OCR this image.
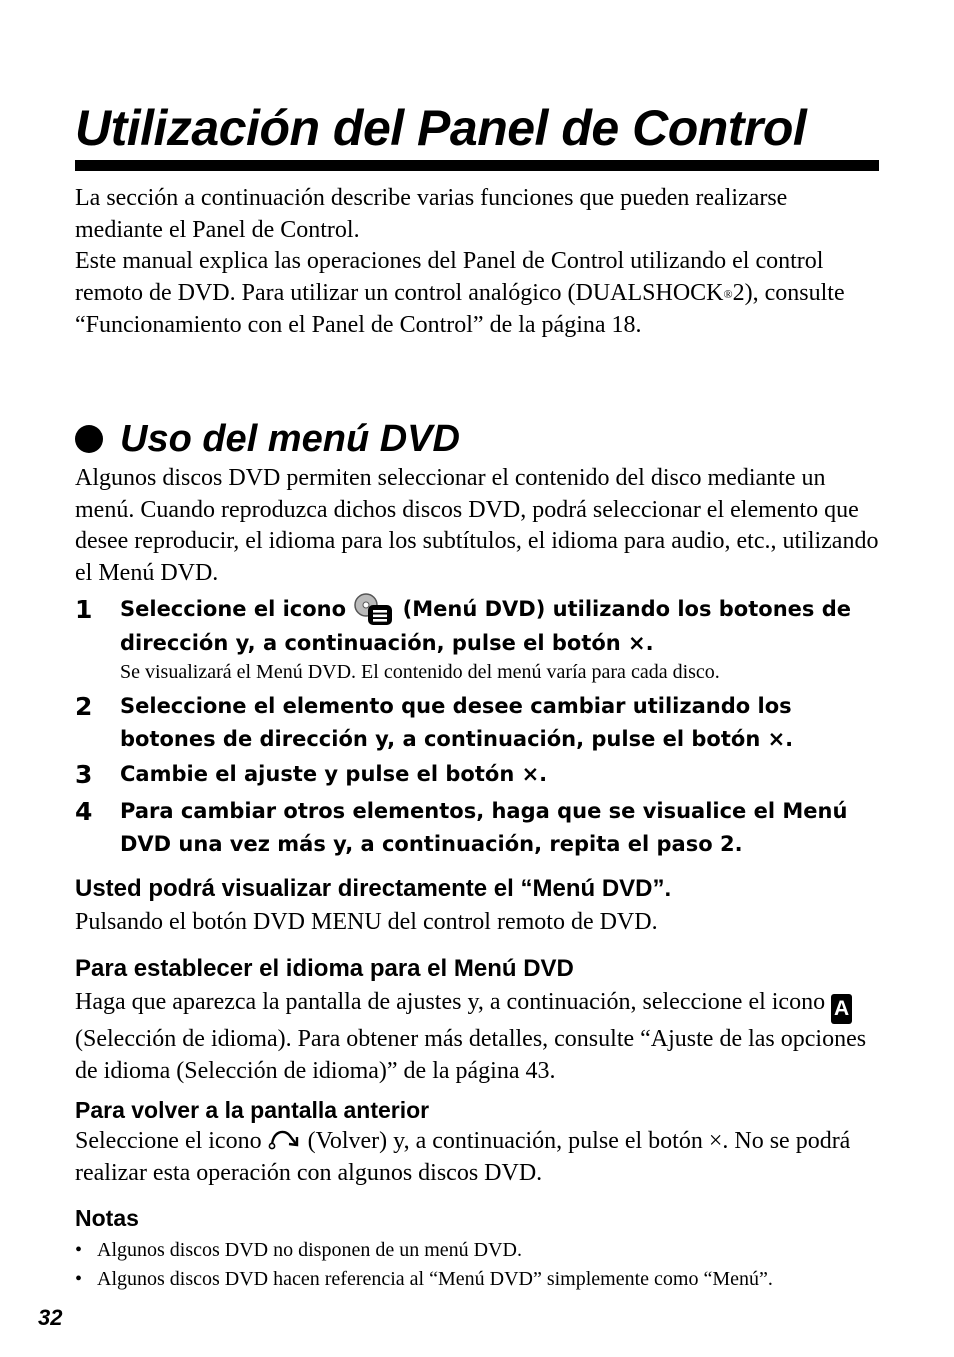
Utilización del Panel de Control

La sección a continuación describe varias funciones que pueden realizarse mediante el Panel de Control.

Este manual explica las operaciones del Panel de Control utilizando el control remoto de DVD. Para utilizar un control analógico (DUALSHOCK®2), consulte “Funcionamiento con el Panel de Control” de la página 18.

Uso del menú DVD
Algunos discos DVD permiten seleccionar el contenido del disco mediante un menú. Cuando reproduzca dichos discos DVD, podrá seleccionar el elemento que desee reproducir, el idioma para los subtítulos, el idioma para audio, etc., utilizando el Menú DVD.
1	Seleccione el icono  (Menú DVD) utilizando los botones de dirección y, a continuación, pulse el botón ×.
Se visualizará el Menú DVD. El contenido del menú varía para cada disco.
2	Seleccione el elemento que desee cambiar utilizando los botones de dirección y, a continuación, pulse el botón ×.
3	Cambie el ajuste y pulse el botón ×.
4	Para cambiar otros elementos, haga que se visualice el Menú DVD una vez más y, a continuación, repita el paso 2.
Usted podrá visualizar directamente el “Menú DVD”.
Pulsando el botón DVD MENU del control remoto de DVD.
Para establecer el idioma para el Menú DVD
Haga que aparezca la pantalla de ajustes y, a continuación, seleccione el icono A (Selección de idioma). Para obtener más detalles, consulte “Ajuste de las opciones de idioma (Selección de idioma)” de la página 43.
Para volver a la pantalla anterior
Seleccione el icono  (Volver) y, a continuación, pulse el botón ×. No se podrá realizar esta operación con algunos discos DVD.
Notas
• Algunos discos DVD no disponen de un menú DVD.
• Algunos discos DVD hacen referencia al “Menú DVD” simplemente como “Menú”.

32
